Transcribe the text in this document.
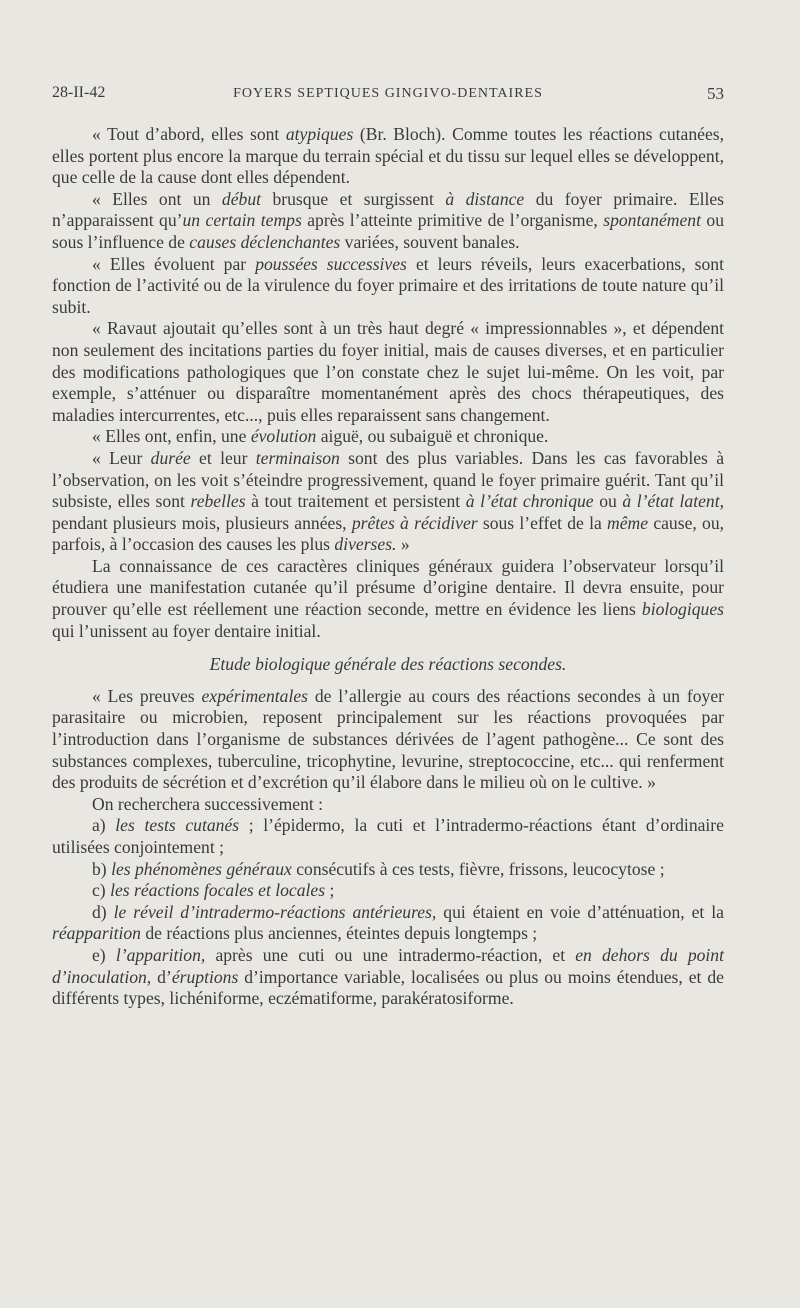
28-II-42	FOYERS SEPTIQUES GINGIVO-DENTAIRES	53

« Tout d’abord, elles sont atypiques (Br. Bloch). Comme toutes les réactions cutanées, elles portent plus encore la marque du terrain spécial et du tissu sur lequel elles se développent, que celle de la cause dont elles dépendent.

« Elles ont un début brusque et surgissent à distance du foyer primaire. Elles n’apparaissent qu’un certain temps après l’atteinte primitive de l’organisme, spontanément ou sous l’influence de causes déclenchantes variées, souvent banales.

« Elles évoluent par poussées successives et leurs réveils, leurs exacerbations, sont fonction de l’activité ou de la virulence du foyer primaire et des irritations de toute nature qu’il subit.

« Ravaut ajoutait qu’elles sont à un très haut degré « impressionnables », et dépendent non seulement des incitations parties du foyer initial, mais de causes diverses, et en particulier des modifications pathologiques que l’on constate chez le sujet lui-même. On les voit, par exemple, s’atténuer ou disparaître momentanément après des chocs thérapeutiques, des maladies intercurrentes, etc..., puis elles reparaissent sans changement.

« Elles ont, enfin, une évolution aiguë, ou subaiguë et chronique.

« Leur durée et leur terminaison sont des plus variables. Dans les cas favorables à l’observation, on les voit s’éteindre progressivement, quand le foyer primaire guérit. Tant qu’il subsiste, elles sont rebelles à tout traitement et persistent à l’état chronique ou à l’état latent, pendant plusieurs mois, plusieurs années, prêtes à récidiver sous l’effet de la même cause, ou, parfois, à l’occasion des causes les plus diverses. »

La connaissance de ces caractères cliniques généraux guidera l’observateur lorsqu’il étudiera une manifestation cutanée qu’il présume d’origine dentaire. Il devra ensuite, pour prouver qu’elle est réellement une réaction seconde, mettre en évidence les liens biologiques qui l’unissent au foyer dentaire initial.

Etude biologique générale des réactions secondes.

« Les preuves expérimentales de l’allergie au cours des réactions secondes à un foyer parasitaire ou microbien, reposent principalement sur les réactions provoquées par l’introduction dans l’organisme de substances dérivées de l’agent pathogène... Ce sont des substances complexes, tuberculine, tricophytine, levurine, streptococcine, etc... qui renferment des produits de sécrétion et d’excrétion qu’il élabore dans le milieu où on le cultive. »

On recherchera successivement :

a) les tests cutanés ; l’épidermo, la cuti et l’intradermo-réactions étant d’ordinaire utilisées conjointement ;

b) les phénomènes généraux consécutifs à ces tests, fièvre, frissons, leucocytose ;

c) les réactions focales et locales ;

d) le réveil d’intradermo-réactions antérieures, qui étaient en voie d’atténuation, et la réapparition de réactions plus anciennes, éteintes depuis longtemps ;

e) l’apparition, après une cuti ou une intradermo-réaction, et en dehors du point d’inoculation, d’éruptions d’importance variable, localisées ou plus ou moins étendues, et de différents types, lichéniforme, eczématiforme, parakératosiforme.
